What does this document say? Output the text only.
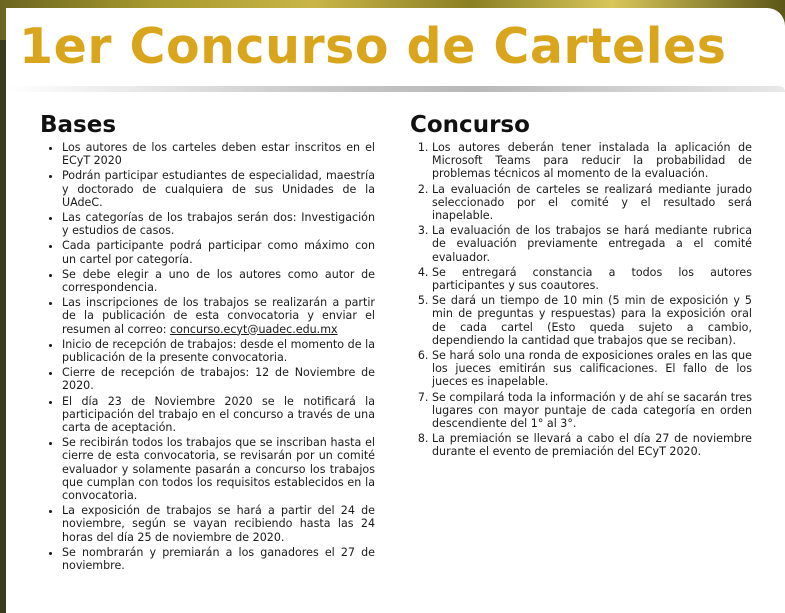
1er Concurso de Carteles
Bases
• Los autores de los carteles deben estar inscritos en el ECyT 2020
• Podrán participar estudiantes de especialidad, maestría y doctorado de cualquiera de sus Unidades de la UAdeC.
• Las categorías de los trabajos serán dos: Investigación y estudios de casos.
• Cada participante podrá participar como máximo con un cartel por categoría.
• Se debe elegir a uno de los autores como autor de correspondencia.
• Las inscripciones de los trabajos se realizarán a partir de la publicación de esta convocatoria y enviar el resumen al correo: concurso.ecyt@uadec.edu.mx
• Inicio de recepción de trabajos: desde el momento de la publicación de la presente convocatoria.
• Cierre de recepción de trabajos: 12 de Noviembre de 2020.
• El día 23 de Noviembre 2020 se le notificará la participación del trabajo en el concurso a través de una carta de aceptación.
• Se recibirán todos los trabajos que se inscriban hasta el cierre de esta convocatoria, se revisarán por un comité evaluador y solamente pasarán a concurso los trabajos que cumplan con todos los requisitos establecidos en la convocatoria.
• La exposición de trabajos se hará a partir del 24 de noviembre, según se vayan recibiendo hasta las 24 horas del día 25 de noviembre de 2020.
• Se nombrarán y premiarán a los ganadores el 27 de noviembre.
Concurso
1. Los autores deberán tener instalada la aplicación de Microsoft Teams para reducir la probabilidad de problemas técnicos al momento de la evaluación.
2. La evaluación de carteles se realizará mediante jurado seleccionado por el comité y el resultado será inapelable.
3. La evaluación de los trabajos se hará mediante rubrica de evaluación previamente entregada a el comité evaluador.
4. Se entregará constancia a todos los autores participantes y sus coautores.
5. Se dará un tiempo de 10 min (5 min de exposición y 5 min de preguntas y respuestas) para la exposición oral de cada cartel (Esto queda sujeto a cambio, dependiendo la cantidad que trabajos que se reciban).
6. Se hará solo una ronda de exposiciones orales en las que los jueces emitirán sus calificaciones. El fallo de los jueces es inapelable.
7. Se compilará toda la información y de ahí se sacarán tres lugares con mayor puntaje de cada categoría en orden descendiente del 1° al 3°.
8. La premiación se llevará a cabo el día 27 de noviembre durante el evento de premiación del ECyT 2020.
